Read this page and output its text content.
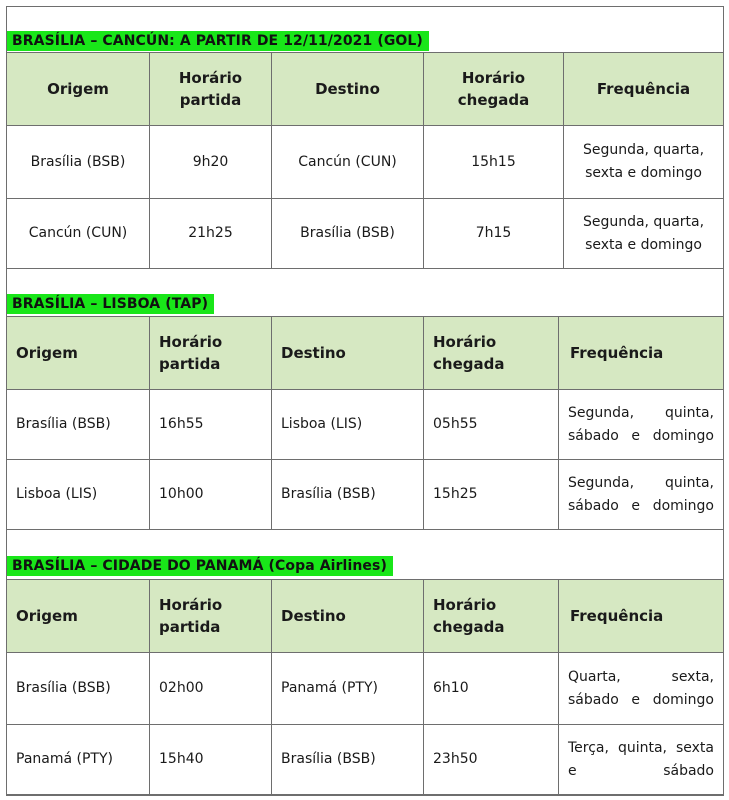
BRASÍLIA – CANCÚN: A PARTIR DE 12/11/2021 (GOL)
Origem	Horário partida	Destino	Horário chegada	Frequência
Brasília (BSB)	9h20	Cancún (CUN)	15h15	Segunda, quarta, sexta e domingo
Cancún (CUN)	21h25	Brasília (BSB)	7h15	Segunda, quarta, sexta e domingo
BRASÍLIA – LISBOA (TAP)
Origem	Horário partida	Destino	Horário chegada	Frequência
Brasília (BSB)	16h55	Lisboa (LIS)	05h55	Segunda, quinta, sábado e domingo
Lisboa (LIS)	10h00	Brasília (BSB)	15h25	Segunda, quinta, sábado e domingo
BRASÍLIA – CIDADE DO PANAMÁ (Copa Airlines)
Origem	Horário partida	Destino	Horário chegada	Frequência
Brasília (BSB)	02h00	Panamá (PTY)	6h10	Quarta, sexta, sábado e domingo
Panamá (PTY)	15h40	Brasília (BSB)	23h50	Terça, quinta, sexta e sábado
